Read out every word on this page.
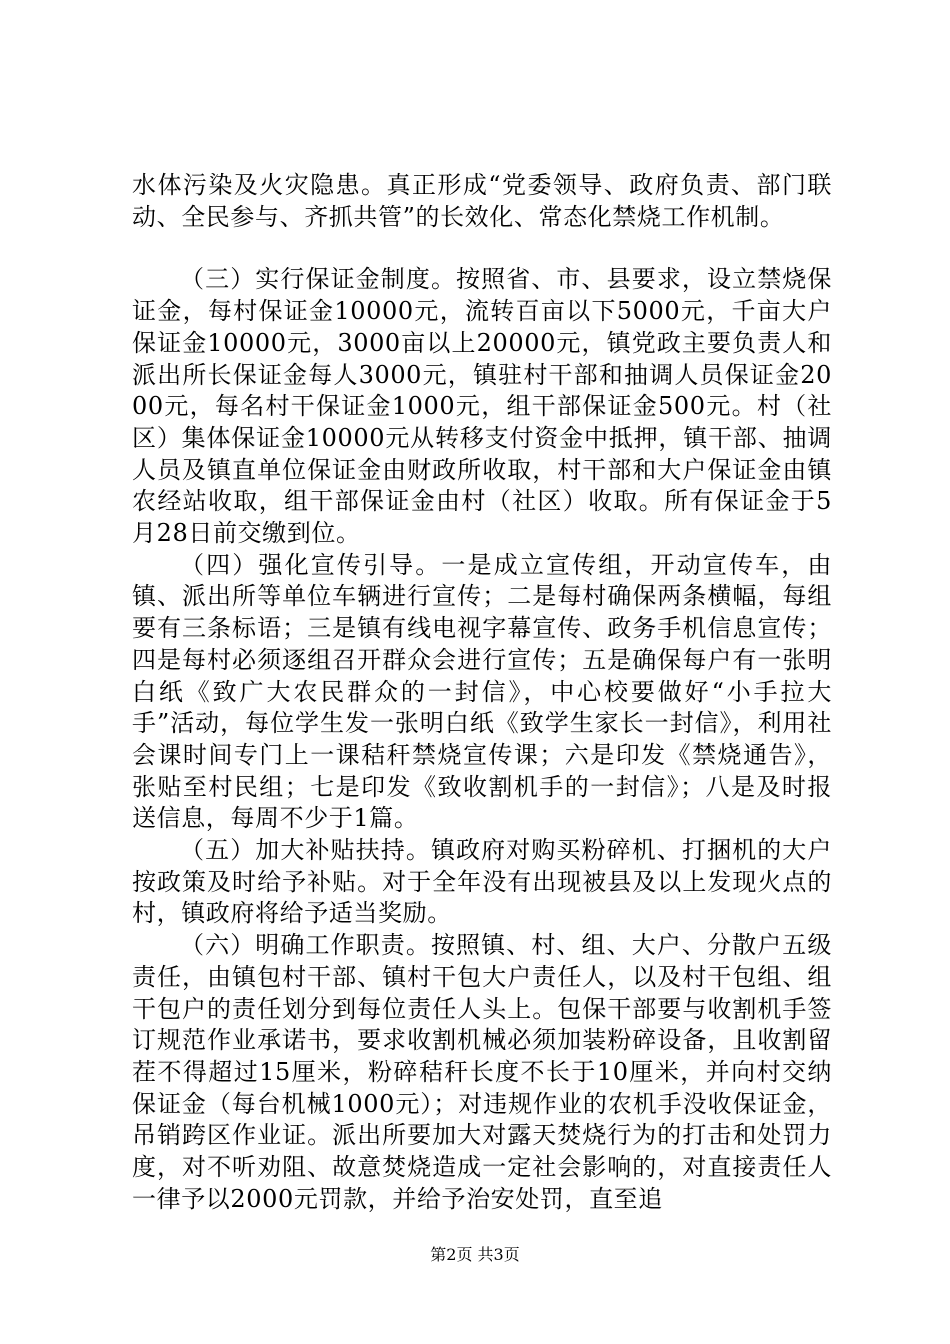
水体污染及火灾隐患。真正形成“党委领导、政府负责、部门联动、全民参与、齐抓共管”的长效化、常态化禁烧工作机制。

（三）实行保证金制度。按照省、市、县要求，设立禁烧保证金，每村保证金10000元，流转百亩以下5000元，千亩大户保证金10000元，3000亩以上20000元，镇党政主要负责人和派出所长保证金每人3000元，镇驻村干部和抽调人员保证金2000元，每名村干保证金1000元，组干部保证金500元。村（社区）集体保证金10000元从转移支付资金中抵押，镇干部、抽调人员及镇直单位保证金由财政所收取，村干部和大户保证金由镇农经站收取，组干部保证金由村（社区）收取。所有保证金于5月28日前交缴到位。

（四）强化宣传引导。一是成立宣传组，开动宣传车，由镇、派出所等单位车辆进行宣传；二是每村确保两条横幅，每组要有三条标语；三是镇有线电视字幕宣传、政务手机信息宣传；四是每村必须逐组召开群众会进行宣传；五是确保每户有一张明白纸《致广大农民群众的一封信》，中心校要做好“小手拉大手”活动，每位学生发一张明白纸《致学生家长一封信》，利用社会课时间专门上一课秸秆禁烧宣传课；六是印发《禁烧通告》，张贴至村民组；七是印发《致收割机手的一封信》；八是及时报送信息，每周不少于1篇。

（五）加大补贴扶持。镇政府对购买粉碎机、打捆机的大户按政策及时给予补贴。对于全年没有出现被县及以上发现火点的村，镇政府将给予适当奖励。

（六）明确工作职责。按照镇、村、组、大户、分散户五级责任，由镇包村干部、镇村干包大户责任人，以及村干包组、组干包户的责任划分到每位责任人头上。包保干部要与收割机手签订规范作业承诺书，要求收割机械必须加装粉碎设备，且收割留茬不得超过15厘米，粉碎秸秆长度不长于10厘米，并向村交纳保证金（每台机械1000元）；对违规作业的农机手没收保证金，吊销跨区作业证。派出所要加大对露天焚烧行为的打击和处罚力度，对不听劝阻、故意焚烧造成一定社会影响的，对直接责任人一律予以2000元罚款，并给予治安处罚，直至追

第2页 共3页
